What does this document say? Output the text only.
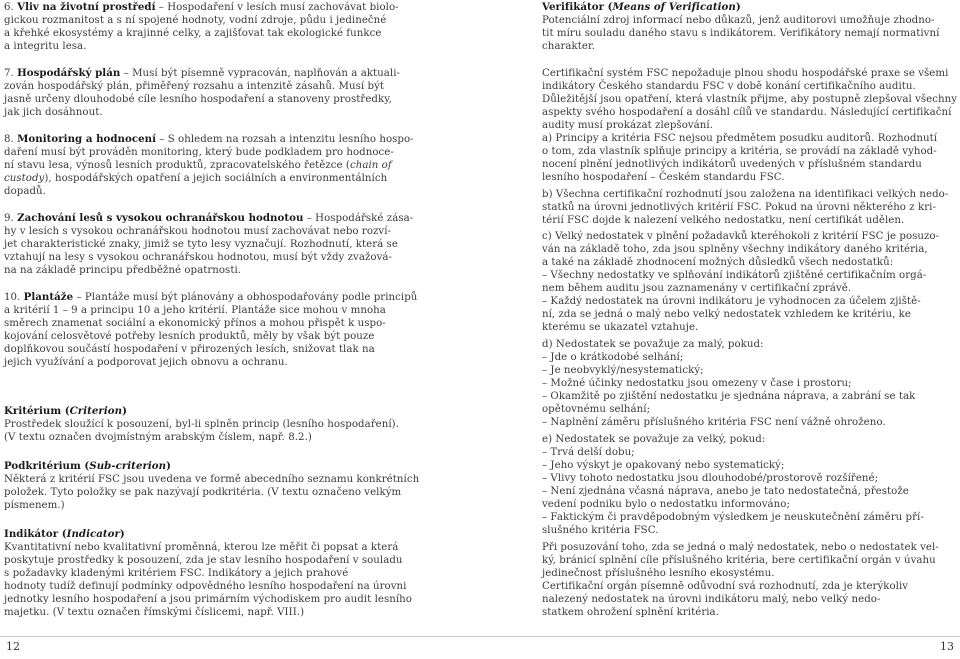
6. Vliv na životní prostředí – Hospodaření v lesích musí zachovávat biolo-
gickou rozmanitost a s ní spojené hodnoty, vodní zdroje, půdu i jedinečné
a křehké ekosystémy a krajinné celky, a zajišťovat tak ekologické funkce
a integritu lesa.
7. Hospodářský plán – Musí být písemně vypracován, naplňován a aktuali-
zován hospodářský plán, přiměřený rozsahu a intenzitě zásahů. Musí být
jasně určeny dlouhodobé cíle lesního hospodaření a stanoveny prostředky,
jak jich dosáhnout.
8. Monitoring a hodnocení – S ohledem na rozsah a intenzitu lesního hospo-
daření musí být prováděn monitoring, který bude podkladem pro hodnoce-
ní stavu lesa, výnosů lesních produktů, zpracovatelského řetězce (chain of
custody), hospodářských opatření a jejich sociálních a environmentálních
dopadů.
9. Zachování lesů s vysokou ochranářskou hodnotou – Hospodářské zása-
hy v lesích s vysokou ochranářskou hodnotou musí zachovávat nebo rozví-
jet charakteristické znaky, jimiž se tyto lesy vyznačují. Rozhodnutí, která se
vztahují na lesy s vysokou ochranářskou hodnotou, musí být vždy zvažová-
na na základě principu předběžné opatrnosti.
10. Plantáže – Plantáže musí být plánovány a obhospodařovány podle principů
a kritérií 1 – 9 a principu 10 a jeho kritérií. Plantáže sice mohou v mnoha
směrech znamenat sociální a ekonomický přínos a mohou přispět k uspo-
kojování celosvětové potřeby lesních produktů, měly by však být pouze
doplňkovou součástí hospodaření v přirozených lesích, snižovat tlak na
jejich využívání a podporovat jejich obnovu a ochranu.
Kritérium (Criterion)
Prostředek sloužící k posouzení, byl-li splněn princip (lesního hospodaření).
(V textu označen dvojmístným arabským číslem, např. 8.2.)
Podkritérium (Sub-criterion)
Některá z kritérií FSC jsou uvedena ve formě abecedního seznamu konkrétních
položek. Tyto položky se pak nazývají podkritéria. (V textu označeno velkým
písmenem.)
Indikátor (Indicator)
Kvantitativní nebo kvalitativní proměnná, kterou lze měřit či popsat a která
poskytuje prostředky k posouzení, zda je stav lesního hospodaření v souladu
s požadavky kladenými kritériem FSC. Indikátory a jejich prahové
hodnoty tudíž definují podmínky odpovědného lesního hospodaření na úrovni
jednotky lesního hospodaření a jsou primárním východiskem pro audit lesního
majetku. (V textu označen římskými číslicemi, např. VIII.)
Verifikátor (Means of Verification)
Potenciální zdroj informací nebo důkazů, jenž auditorovi umožňuje zhodno-
tit míru souladu daného stavu s indikátorem. Verifikátory nemají normativní
charakter.
Certifikační systém FSC nepožaduje plnou shodu hospodářské praxe se všemi
indikátory Českého standardu FSC v době konání certifikačního auditu.
Důležitější jsou opatření, která vlastník přijme, aby postupně zlepšoval všechny
aspekty svého hospodaření a dosáhl cílů ve standardu. Následující certifikační
audity musí prokázat zlepšování.
a) Principy a kritéria FSC nejsou předmětem posudku auditorů. Rozhodnutí
o tom, zda vlastník splňuje principy a kritéria, se provádí na základě vyhod-
nocení plnění jednotlivých indikátorů uvedených v příslušném standardu
lesního hospodaření – Českém standardu FSC.
b) Všechna certifikační rozhodnutí jsou založena na identifikaci velkých nedo-
statků na úrovni jednotlivých kritérií FSC. Pokud na úrovni některého z kri-
térií FSC dojde k nalezení velkého nedostatku, není certifikát udělen.
c) Velký nedostatek v plnění požadavků kteréhokoli z kritérií FSC je posuzo-
ván na základě toho, zda jsou splněny všechny indikátory daného kritéria,
a také na základě zhodnocení možných důsledků všech nedostatků:
– Všechny nedostatky ve splňování indikátorů zjištěné certifikačním orgá-
nem během auditu jsou zaznamenány v certifikační zprávě.
– Každý nedostatek na úrovni indikátoru je vyhodnocen za účelem zjiště-
ní, zda se jedná o malý nebo velký nedostatek vzhledem ke kritériu, ke
kterému se ukazatel vztahuje.
d) Nedostatek se považuje za malý, pokud:
– Jde o krátkodobé selhání;
– Je neobvyklý/nesystematický;
– Možné účinky nedostatku jsou omezeny v čase i prostoru;
– Okamžitě po zjištění nedostatku je sjednána náprava, a zabrání se tak
opětovnému selhání;
– Naplnění záměru příslušného kritéria FSC není vážně ohroženo.
e) Nedostatek se považuje za velký, pokud:
– Trvá delší dobu;
– Jeho výskyt je opakovaný nebo systematický;
– Vlivy tohoto nedostatku jsou dlouhodobé/prostorově rozšířené;
– Není zjednána včasná náprava, anebo je tato nedostatečná, přestože
vedení podniku bylo o nedostatku informováno;
– Faktickým či pravděpodobným výsledkem je neuskutečnění záměru pří-
slušného kritéria FSC.
Při posuzování toho, zda se jedná o malý nedostatek, nebo o nedostatek vel-
ký, bránicí splnění cíle příslušného kritéria, bere certifikační orgán v úvahu
jedinečnost příslušného lesního ekosystému.
Certifikační orgán písemně odůvodní svá rozhodnutí, zda je kterýkoliv
nalezený nedostatek na úrovni indikátoru malý, nebo velký nedo-
statkem ohrožení splnění kritéria.
12	13
